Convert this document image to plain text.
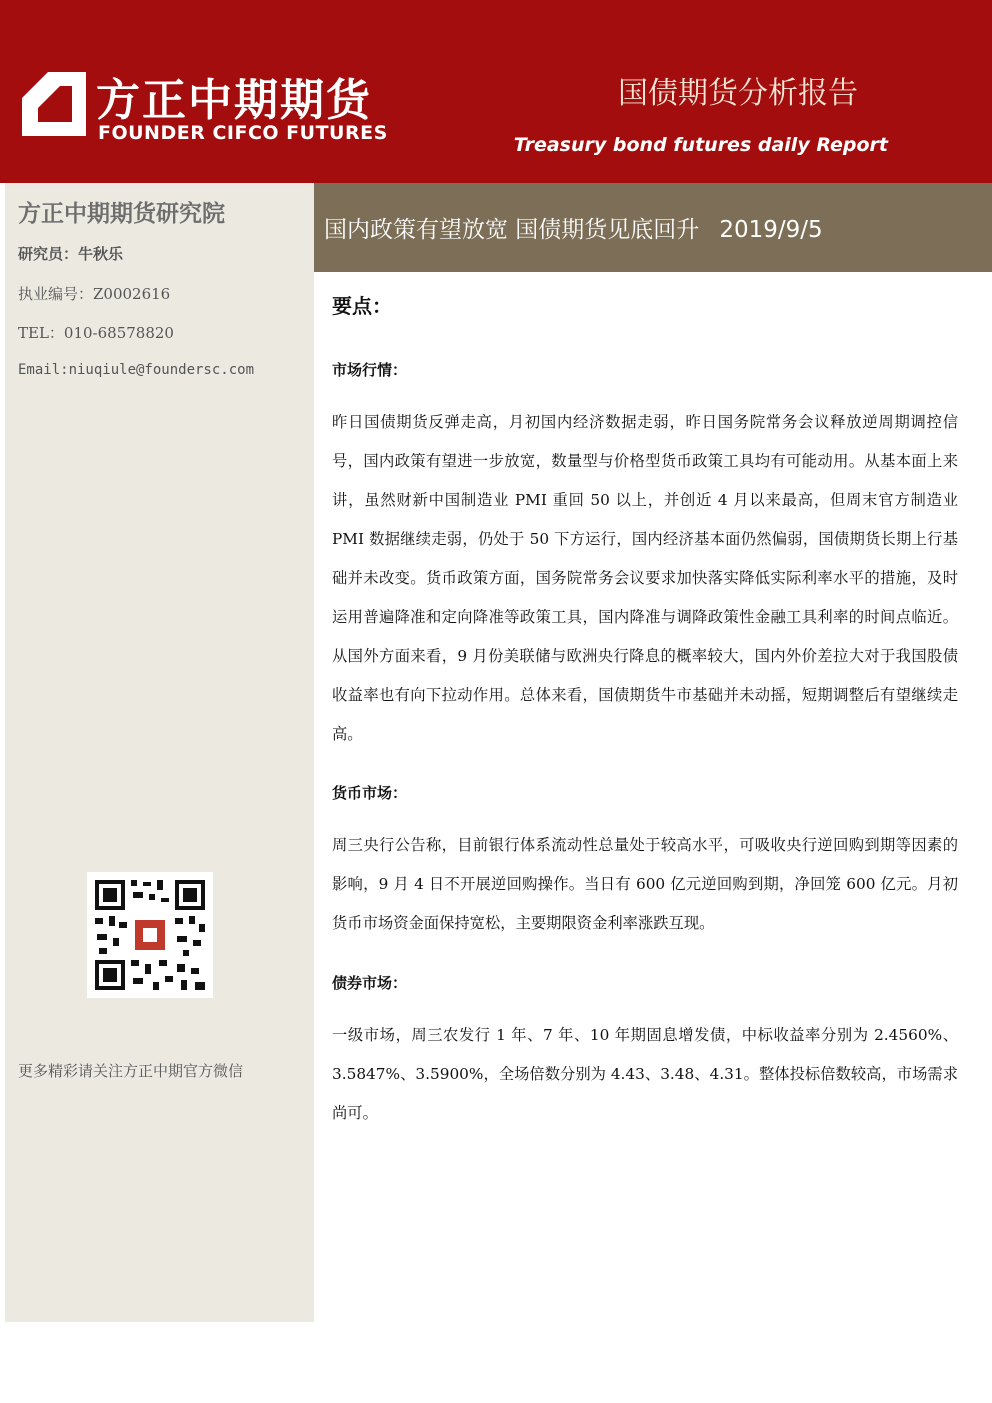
方正中期期货
FOUNDER CIFCO FUTURES
国债期货分析报告
Treasury bond futures daily Report
方正中期期货研究院
研究员：牛秋乐
执业编号：Z0002616
TEL：010-68578820
Email:niuqiule@foundersc.com
更多精彩请关注方正中期官方微信
国内政策有望放宽 国债期货见底回升 2019/9/5
要点：
市场行情：
昨日国债期货反弹走高，月初国内经济数据走弱，昨日国务院常务会议释放逆周期调控信号，国内政策有望进一步放宽，数量型与价格型货币政策工具均有可能动用。从基本面上来讲，虽然财新中国制造业 PMI 重回 50 以上，并创近 4 月以来最高，但周末官方制造业 PMI 数据继续走弱，仍处于 50 下方运行，国内经济基本面仍然偏弱，国债期货长期上行基础并未改变。货币政策方面，国务院常务会议要求加快落实降低实际利率水平的措施，及时运用普遍降准和定向降准等政策工具，国内降准与调降政策性金融工具利率的时间点临近。从国外方面来看，9 月份美联储与欧洲央行降息的概率较大，国内外价差拉大对于我国股债收益率也有向下拉动作用。总体来看，国债期货牛市基础并未动摇，短期调整后有望继续走高。
货币市场：
周三央行公告称，目前银行体系流动性总量处于较高水平，可吸收央行逆回购到期等因素的影响，9 月 4 日不开展逆回购操作。当日有 600 亿元逆回购到期，净回笼 600 亿元。月初货币市场资金面保持宽松，主要期限资金利率涨跌互现。
债券市场：
一级市场，周三农发行 1 年、7 年、10 年期固息增发债，中标收益率分别为 2.4560%、3.5847%、3.5900%，全场倍数分别为 4.43、3.48、4.31。整体投标倍数较高，市场需求尚可。
